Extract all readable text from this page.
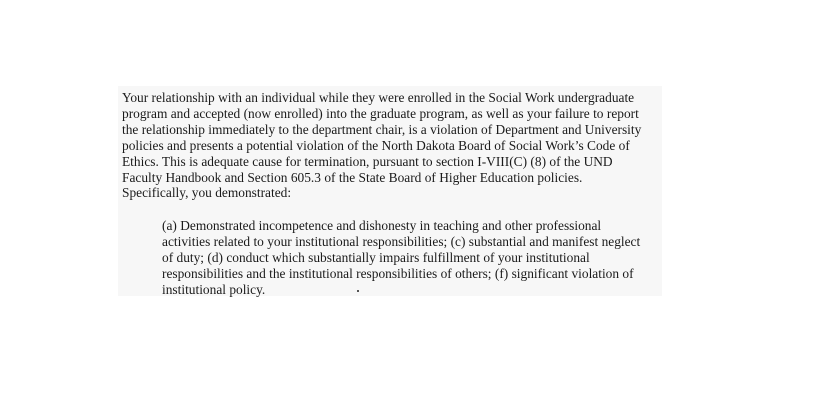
Your relationship with an individual while they were enrolled in the Social Work undergraduate
program and accepted (now enrolled) into the graduate program, as well as your failure to report
the relationship immediately to the department chair, is a violation of Department and University
policies and presents a potential violation of the North Dakota Board of Social Work’s Code of
Ethics. This is adequate cause for termination, pursuant to section I-VIII(C) (8) of the UND
Faculty Handbook and Section 605.3 of the State Board of Higher Education policies.
Specifically, you demonstrated:

(a) Demonstrated incompetence and dishonesty in teaching and other professional
activities related to your institutional responsibilities; (c) substantial and manifest neglect
of duty; (d) conduct which substantially impairs fulfillment of your institutional
responsibilities and the institutional responsibilities of others; (f) significant violation of
institutional policy.
